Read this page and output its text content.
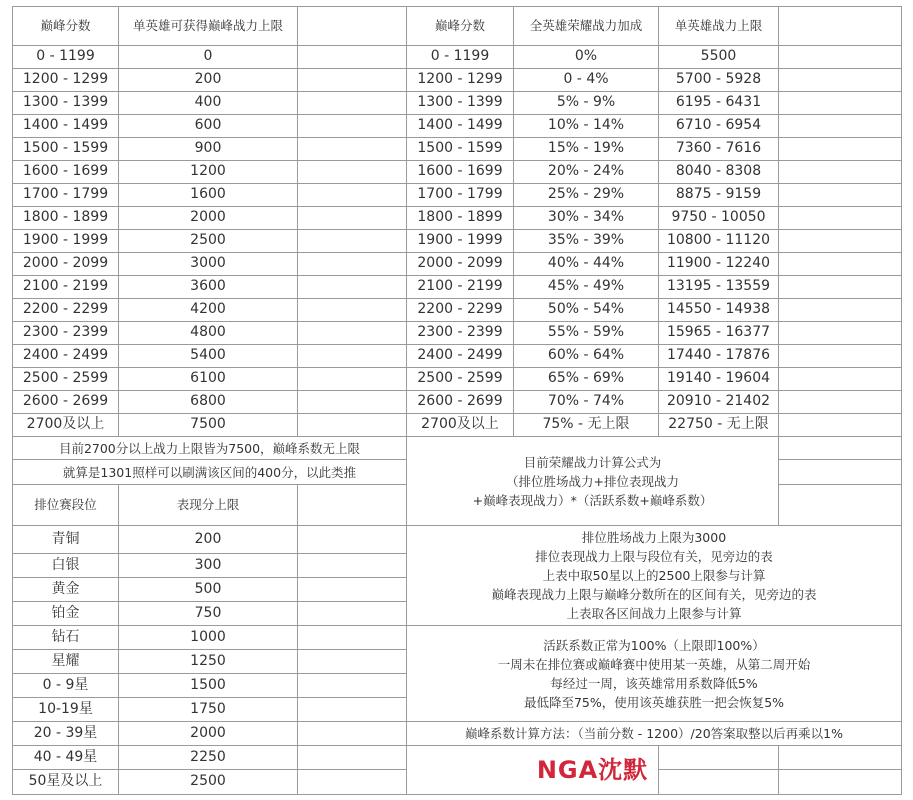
巅峰分数	单英雄可获得巅峰战力上限	巅峰分数	全英雄荣耀战力加成	单英雄战力上限
0 - 1199	0	0 - 1199	0%	5500
1200 - 1299	200	1200 - 1299	0 - 4%	5700 - 5928
1300 - 1399	400	1300 - 1399	5% - 9%	6195 - 6431
1400 - 1499	600	1400 - 1499	10% - 14%	6710 - 6954
1500 - 1599	900	1500 - 1599	15% - 19%	7360 - 7616
1600 - 1699	1200	1600 - 1699	20% - 24%	8040 - 8308
1700 - 1799	1600	1700 - 1799	25% - 29%	8875 - 9159
1800 - 1899	2000	1800 - 1899	30% - 34%	9750 - 10050
1900 - 1999	2500	1900 - 1999	35% - 39%	10800 - 11120
2000 - 2099	3000	2000 - 2099	40% - 44%	11900 - 12240
2100 - 2199	3600	2100 - 2199	45% - 49%	13195 - 13559
2200 - 2299	4200	2200 - 2299	50% - 54%	14550 - 14938
2300 - 2399	4800	2300 - 2399	55% - 59%	15965 - 16377
2400 - 2499	5400	2400 - 2499	60% - 64%	17440 - 17876
2500 - 2599	6100	2500 - 2599	65% - 69%	19140 - 19604
2600 - 2699	6800	2600 - 2699	70% - 74%	20910 - 21402
2700及以上	7500	2700及以上	75% - 无上限	22750 - 无上限
目前2700分以上战力上限皆为7500，巅峰系数无上限
就算是1301照样可以刷满该区间的400分，以此类推
目前荣耀战力计算公式为
（排位胜场战力+排位表现战力
+巅峰表现战力）*（活跃系数+巅峰系数）
排位赛段位	表现分上限
青铜	200
白银	300
黄金	500
铂金	750
钻石	1000
星耀	1250
0 - 9星	1500
10-19星	1750
20 - 39星	2000
40 - 49星	2250
50星及以上	2500
排位胜场战力上限为3000
排位表现战力上限与段位有关，见旁边的表
上表中取50星以上的2500上限参与计算
巅峰表现战力上限与巅峰分数所在的区间有关，见旁边的表
上表取各区间战力上限参与计算
活跃系数正常为100%（上限即100%）
一周未在排位赛或巅峰赛中使用某一英雄，从第二周开始
每经过一周，该英雄常用系数降低5%
最低降至75%，使用该英雄获胜一把会恢复5%
巅峰系数计算方法：（当前分数 - 1200）/20答案取整以后再乘以1%
NGA沈默
